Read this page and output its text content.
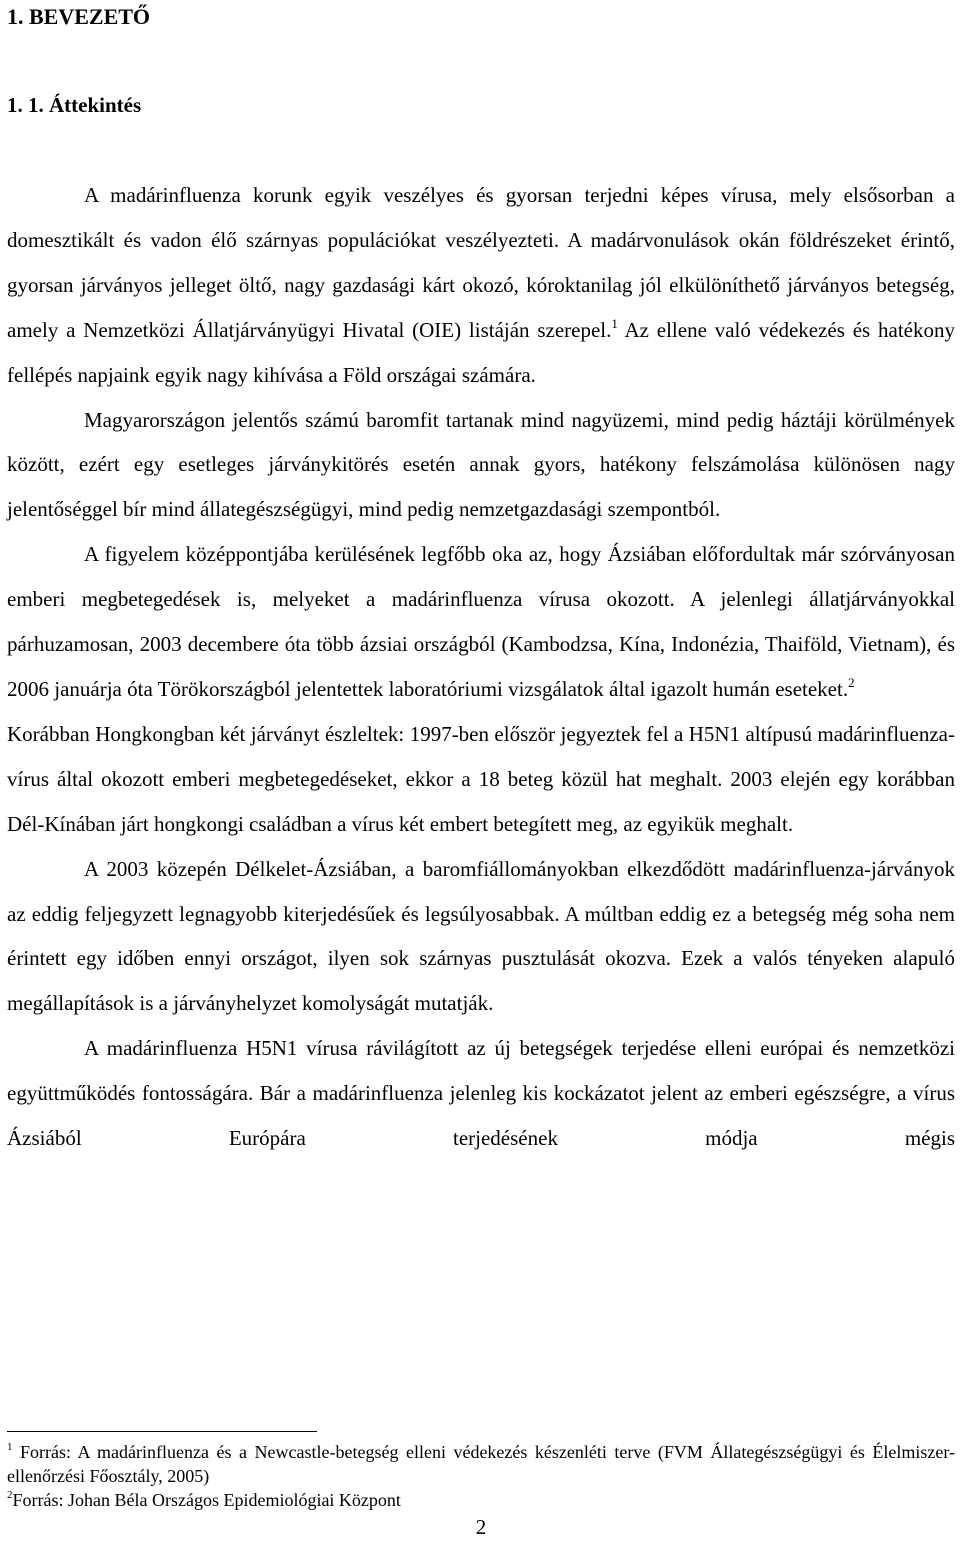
1. BEVEZETŐ
1. 1. Áttekintés

A madárinfluenza korunk egyik veszélyes és gyorsan terjedni képes vírusa, mely elsősorban a domesztikált és vadon élő szárnyas populációkat veszélyezteti. A madárvonulások okán földrészeket érintő, gyorsan járványos jelleget öltő, nagy gazdasági kárt okozó, kóroktanilag jól elkülöníthető járványos betegség, amely a Nemzetközi Állatjárványügyi Hivatal (OIE) listáján szerepel.$^1$ Az ellene való védekezés és hatékony fellépés napjaink egyik nagy kihívása a Föld országai számára.

Magyarországon jelentős számú baromfit tartanak mind nagyüzemi, mind pedig háztáji körülmények között, ezért egy esetleges járványkitörés esetén annak gyors, hatékony felszámolása különösen nagy jelentőséggel bír mind állategészségügyi, mind pedig nemzetgazdasági szempontból.

A figyelem középpontjába kerülésének legfőbb oka az, hogy Ázsiában előfordultak már szórványosan emberi megbetegedések is, melyeket a madárinfluenza vírusa okozott. A jelenlegi állatjárványokkal párhuzamosan, 2003 decembere óta több ázsiai országból (Kambodzsa, Kína, Indonézia, Thaiföld, Vietnam), és 2006 januárja óta Törökországból jelentettek laboratóriumi vizsgálatok által igazolt humán eseteket.$^2$

Korábban Hongkongban két járványt észleltek: 1997-ben először jegyeztek fel a H5N1 altípusú madárinfluenza-vírus által okozott emberi megbetegedéseket, ekkor a 18 beteg közül hat meghalt. 2003 elején egy korábban Dél-Kínában járt hongkongi családban a vírus két embert betegített meg, az egyikük meghalt.

A 2003 közepén Délkelet-Ázsiában, a baromfiállományokban elkezdődött madárinfluenza-járványok az eddig feljegyzett legnagyobb kiterjedésűek és legsúlyosabbak. A múltban eddig ez a betegség még soha nem érintett egy időben ennyi országot, ilyen sok szárnyas pusztulását okozva. Ezek a valós tényeken alapuló megállapítások is a járványhelyzet komolyságát mutatják.

A madárinfluenza H5N1 vírusa rávilágított az új betegségek terjedése elleni európai és nemzetközi együttműködés fontosságára. Bár a madárinfluenza jelenleg kis kockázatot jelent az emberi egészségre, a vírus Ázsiából Európára terjedésének módja mégis

$^1$ Forrás: A madárinfluenza és a Newcastle-betegség elleni védekezés készenléti terve (FVM Állategészségügyi és Élelmiszer-ellenőrzési Főosztály, 2005)

$^2$Forrás: Johan Béla Országos Epidemiológiai Központ

2
